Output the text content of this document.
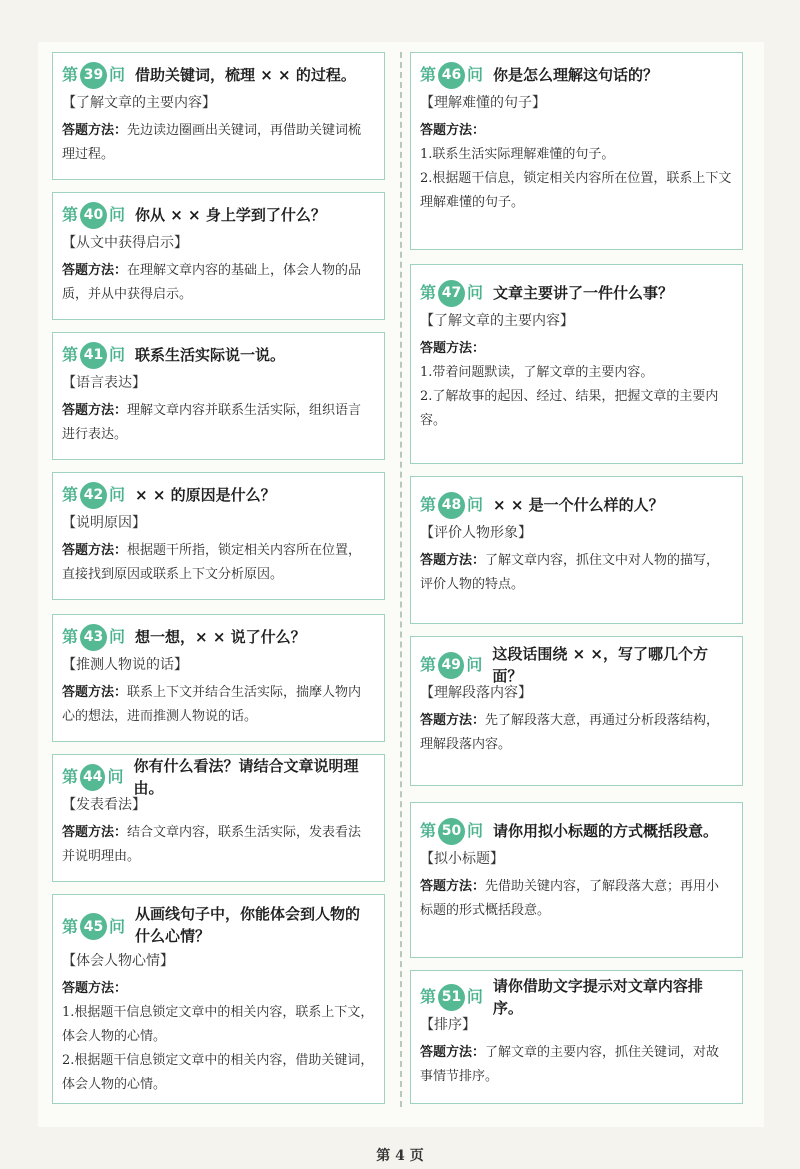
第 39 问 借助关键词，梳理 × × 的过程。
【了解文章的主要内容】

答题方法：先边读边圈画出关键词，再借助关键词梳理过程。

第 40 问 你从 × × 身上学到了什么？
【从文中获得启示】

答题方法：在理解文章内容的基础上，体会人物的品质，并从中获得启示。

第 41 问 联系生活实际说一说。
【语言表达】

答题方法：理解文章内容并联系生活实际，组织语言进行表达。

第 42 问 × × 的原因是什么？
【说明原因】

答题方法：根据题干所指，锁定相关内容所在位置，直接找到原因或联系上下文分析原因。

第 43 问 想一想，× × 说了什么？
【推测人物说的话】

答题方法：联系上下文并结合生活实际，揣摩人物内心的想法，进而推测人物说的话。

第 44 问
你有什么看法？请结合文章说明理由。
【发表看法】

答题方法：结合文章内容，联系生活实际，发表看法并说明理由。

第 45 问
从画线句子中，你能体会到人物的什么心情？
【体会人物心情】

答题方法：

1.根据题干信息锁定文章中的相关内容，联系上下文，体会人物的心情。

2.根据题干信息锁定文章中的相关内容，借助关键词，体会人物的心情。

第 46 问 你是怎么理解这句话的？
【理解难懂的句子】

答题方法：

1.联系生活实际理解难懂的句子。

2.根据题干信息，锁定相关内容所在位置，联系上下文理解难懂的句子。

第 47 问 文章主要讲了一件什么事？
【了解文章的主要内容】

答题方法：

1.带着问题默读，了解文章的主要内容。

2.了解故事的起因、经过、结果，把握文章的主要内容。

第 48 问 × × 是一个什么样的人？
【评价人物形象】

答题方法：了解文章内容，抓住文中对人物的描写，评价人物的特点。

第 49 问
这段话围绕 × ×，写了哪几个方面？
【理解段落内容】

答题方法：先了解段落大意，再通过分析段落结构，理解段落内容。

第 50 问 请你用拟小标题的方式概括段意。
【拟小标题】

答题方法：先借助关键内容，了解段落大意；再用小标题的形式概括段意。

第 51 问
请你借助文字提示对文章内容排序。
【排序】

答题方法：了解文章的主要内容，抓住关键词，对故事情节排序。

第 4 页
